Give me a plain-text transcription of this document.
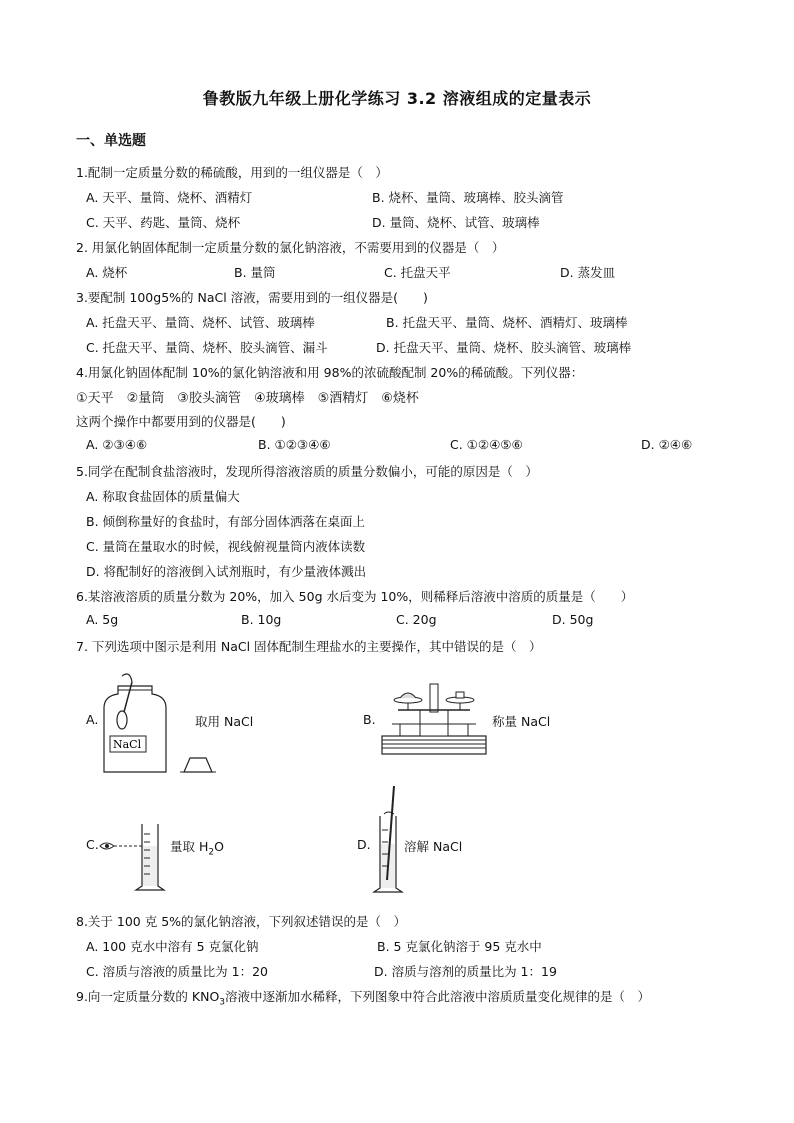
鲁教版九年级上册化学练习 3.2 溶液组成的定量表示
一、单选题
1.配制一定质量分数的稀硫酸，用到的一组仪器是（　）
A. 天平、量筒、烧杯、酒精灯	B. 烧杯、量筒、玻璃棒、胶头滴管
C. 天平、药匙、量筒、烧杯	D. 量筒、烧杯、试管、玻璃棒
2. 用氯化钠固体配制一定质量分数的氯化钠溶液，不需要用到的仪器是（　）
A. 烧杯	B. 量筒	C. 托盘天平	D. 蒸发皿
3.要配制 100g5%的 NaCl 溶液，需要用到的一组仪器是(　　)
A. 托盘天平、量筒、烧杯、试管、玻璃棒	B. 托盘天平、量筒、烧杯、酒精灯、玻璃棒
C. 托盘天平、量筒、烧杯、胶头滴管、漏斗	D. 托盘天平、量筒、烧杯、胶头滴管、玻璃棒
4.用氯化钠固体配制 10%的氯化钠溶液和用 98%的浓硫酸配制 20%的稀硫酸。下列仪器：
①天平　②量筒　③胶头滴管　④玻璃棒　⑤酒精灯　⑥烧杯
这两个操作中都要用到的仪器是(　　)
A. ②③④⑥	B. ①②③④⑥	C. ①②④⑤⑥	D. ②④⑥
5.同学在配制食盐溶液时，发现所得溶液溶质的质量分数偏小，可能的原因是（　）
A. 称取食盐固体的质量偏大
B. 倾倒称量好的食盐时，有部分固体洒落在桌面上
C. 量筒在量取水的时候，视线俯视量筒内液体读数
D. 将配制好的溶液倒入试剂瓶时，有少量液体溅出
6.某溶液溶质的质量分数为 20%，加入 50g 水后变为 10%，则稀释后溶液中溶质的质量是（　　）
A. 5g	B. 10g	C. 20g	D. 50g
7. 下列选项中图示是利用 NaCl 固体配制生理盐水的主要操作，其中错误的是（　）
A.
NaCl
取用 NaCl	B.	称量 NaCl
C.	量取 $H_2O$	D.	溶解 NaCl
8.关于 100 克 5%的氯化钠溶液，下列叙述错误的是（　）
A. 100 克水中溶有 5 克氯化钠	B. 5 克氯化钠溶于 95 克水中
C. 溶质与溶液的质量比为 1：20	D. 溶质与溶剂的质量比为 1：19
9.向一定质量分数的 $KNO_3$溶液中逐渐加水稀释，下列图象中符合此溶液中溶质质量变化规律的是（　）
